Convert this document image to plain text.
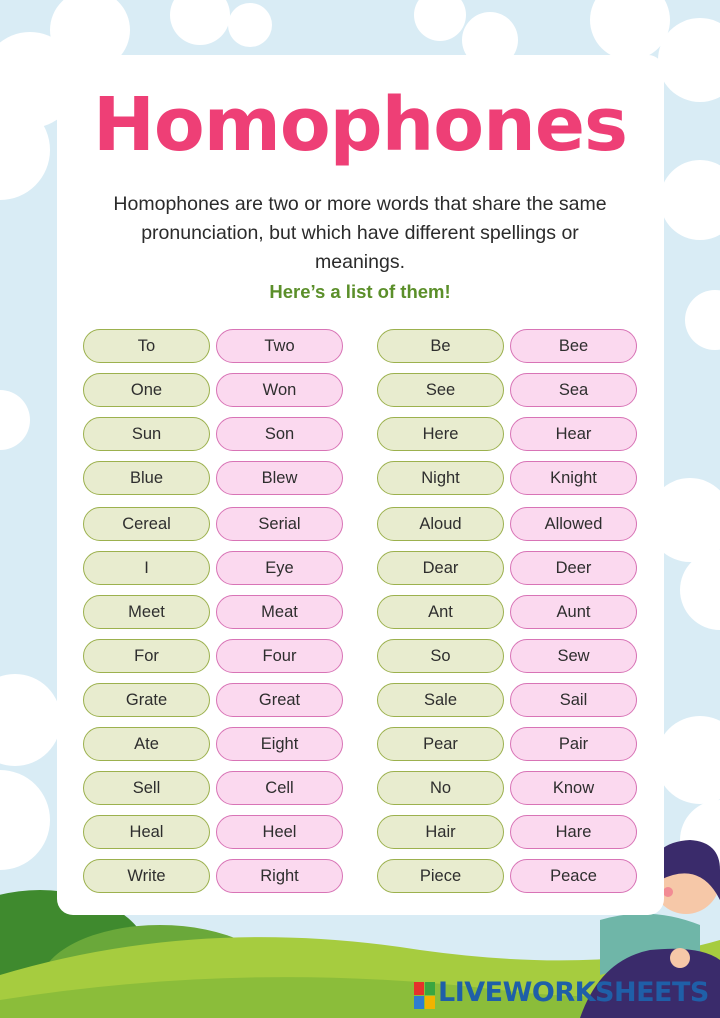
Homophones

Homophones are two or more words that share the same pronunciation, but which have different spellings or meanings.

Here’s a list of them!

To	Two
One	Won
Sun	Son
Blue	Blew
Cereal	Serial
I	Eye
Meet	Meat
For	Four
Grate	Great
Ate	Eight
Sell	Cell
Heal	Heel
Write	Right
Be	Bee
See	Sea
Here	Hear
Night	Knight
Aloud	Allowed
Dear	Deer
Ant	Aunt
So	Sew
Sale	Sail
Pear	Pair
No	Know
Hair	Hare
Piece	Peace
LIVEWORKSHEETS
